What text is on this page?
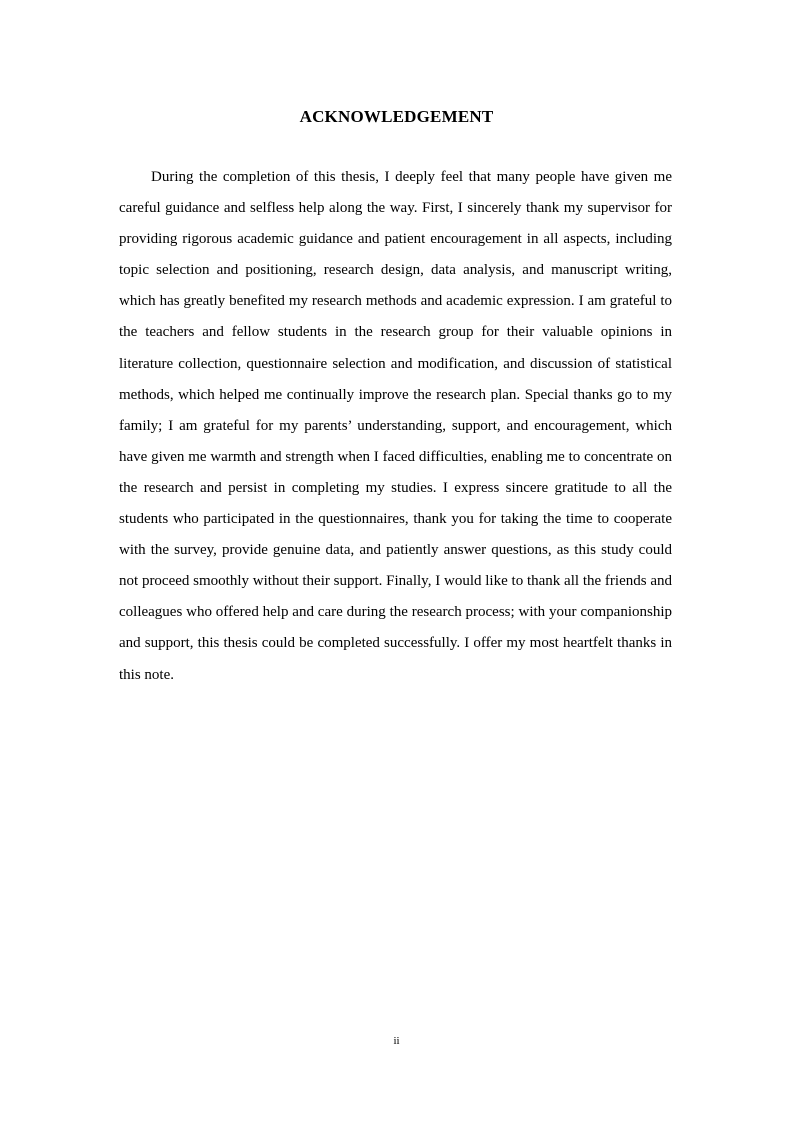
ACKNOWLEDGEMENT

During the completion of this thesis, I deeply feel that many people have given me careful guidance and selfless help along the way. First, I sincerely thank my supervisor for providing rigorous academic guidance and patient encouragement in all aspects, including topic selection and positioning, research design, data analysis, and manuscript writing, which has greatly benefited my research methods and academic expression. I am grateful to the teachers and fellow students in the research group for their valuable opinions in literature collection, questionnaire selection and modification, and discussion of statistical methods, which helped me continually improve the research plan. Special thanks go to my family; I am grateful for my parents’ understanding, support, and encouragement, which have given me warmth and strength when I faced difficulties, enabling me to concentrate on the research and persist in completing my studies. I express sincere gratitude to all the students who participated in the questionnaires, thank you for taking the time to cooperate with the survey, provide genuine data, and patiently answer questions, as this study could not proceed smoothly without their support. Finally, I would like to thank all the friends and colleagues who offered help and care during the research process; with your companionship and support, this thesis could be completed successfully. I offer my most heartfelt thanks in this note.

ii
